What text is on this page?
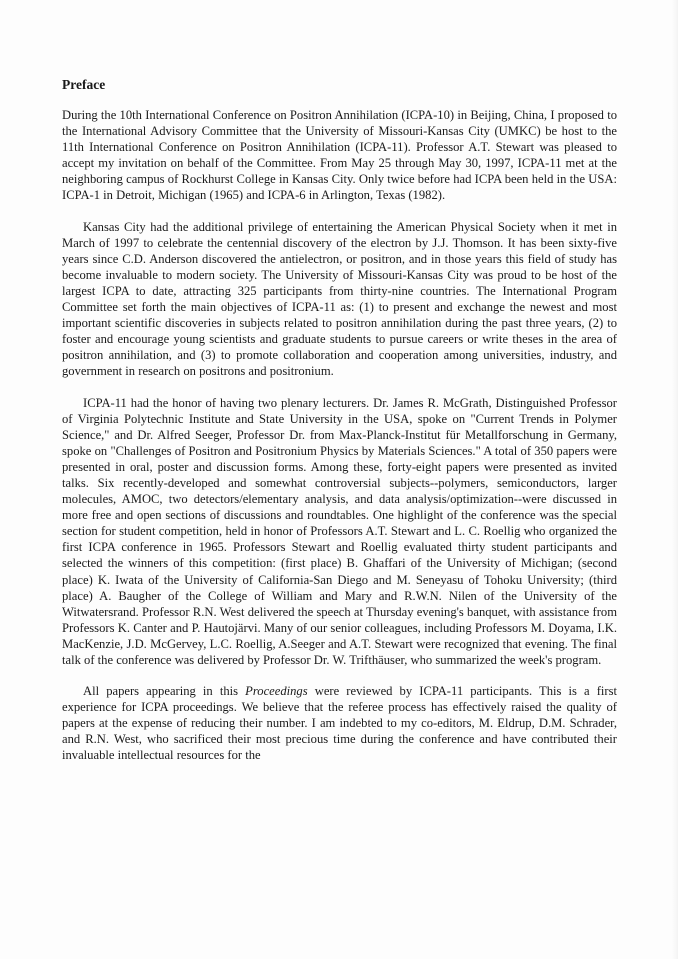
Preface

During the 10th International Conference on Positron Annihilation (ICPA-10) in Beijing, China, I proposed to the International Advisory Committee that the University of Missouri-Kansas City (UMKC) be host to the 11th International Conference on Positron Annihilation (ICPA-11). Professor A.T. Stewart was pleased to accept my invitation on behalf of the Committee. From May 25 through May 30, 1997, ICPA-11 met at the neighboring campus of Rockhurst College in Kansas City. Only twice before had ICPA been held in the USA: ICPA-1 in Detroit, Michigan (1965) and ICPA-6 in Arlington, Texas (1982).

Kansas City had the additional privilege of entertaining the American Physical Society when it met in March of 1997 to celebrate the centennial discovery of the electron by J.J. Thomson. It has been sixty-five years since C.D. Anderson discovered the antielectron, or positron, and in those years this field of study has become invaluable to modern society. The University of Missouri-Kansas City was proud to be host of the largest ICPA to date, attracting 325 participants from thirty-nine countries. The International Program Committee set forth the main objectives of ICPA-11 as: (1) to present and exchange the newest and most important scientific discoveries in subjects related to positron annihilation during the past three years, (2) to foster and encourage young scientists and graduate students to pursue careers or write theses in the area of positron annihilation, and (3) to promote collaboration and cooperation among universities, industry, and government in research on positrons and positronium.

ICPA-11 had the honor of having two plenary lecturers. Dr. James R. McGrath, Distinguished Professor of Virginia Polytechnic Institute and State University in the USA, spoke on "Current Trends in Polymer Science," and Dr. Alfred Seeger, Professor Dr. from Max-Planck-Institut für Metallforschung in Germany, spoke on "Challenges of Positron and Positronium Physics by Materials Sciences." A total of 350 papers were presented in oral, poster and discussion forms. Among these, forty-eight papers were presented as invited talks. Six recently-developed and somewhat controversial subjects--polymers, semiconductors, larger molecules, AMOC, two detectors/elementary analysis, and data analysis/optimization--were discussed in more free and open sections of discussions and roundtables. One highlight of the conference was the special section for student competition, held in honor of Professors A.T. Stewart and L. C. Roellig who organized the first ICPA conference in 1965. Professors Stewart and Roellig evaluated thirty student participants and selected the winners of this competition: (first place) B. Ghaffari of the University of Michigan; (second place) K. Iwata of the University of California-San Diego and M. Seneyasu of Tohoku University; (third place) A. Baugher of the College of William and Mary and R.W.N. Nilen of the University of the Witwatersrand. Professor R.N. West delivered the speech at Thursday evening's banquet, with assistance from Professors K. Canter and P. Hautojärvi. Many of our senior colleagues, including Professors M. Doyama, I.K. MacKenzie, J.D. McGervey, L.C. Roellig, A.Seeger and A.T. Stewart were recognized that evening. The final talk of the conference was delivered by Professor Dr. W. Trifthäuser, who summarized the week's program.

All papers appearing in this Proceedings were reviewed by ICPA-11 participants. This is a first experience for ICPA proceedings. We believe that the referee process has effectively raised the quality of papers at the expense of reducing their number. I am indebted to my co-editors, M. Eldrup, D.M. Schrader, and R.N. West, who sacrificed their most precious time during the conference and have contributed their invaluable intellectual resources for the
